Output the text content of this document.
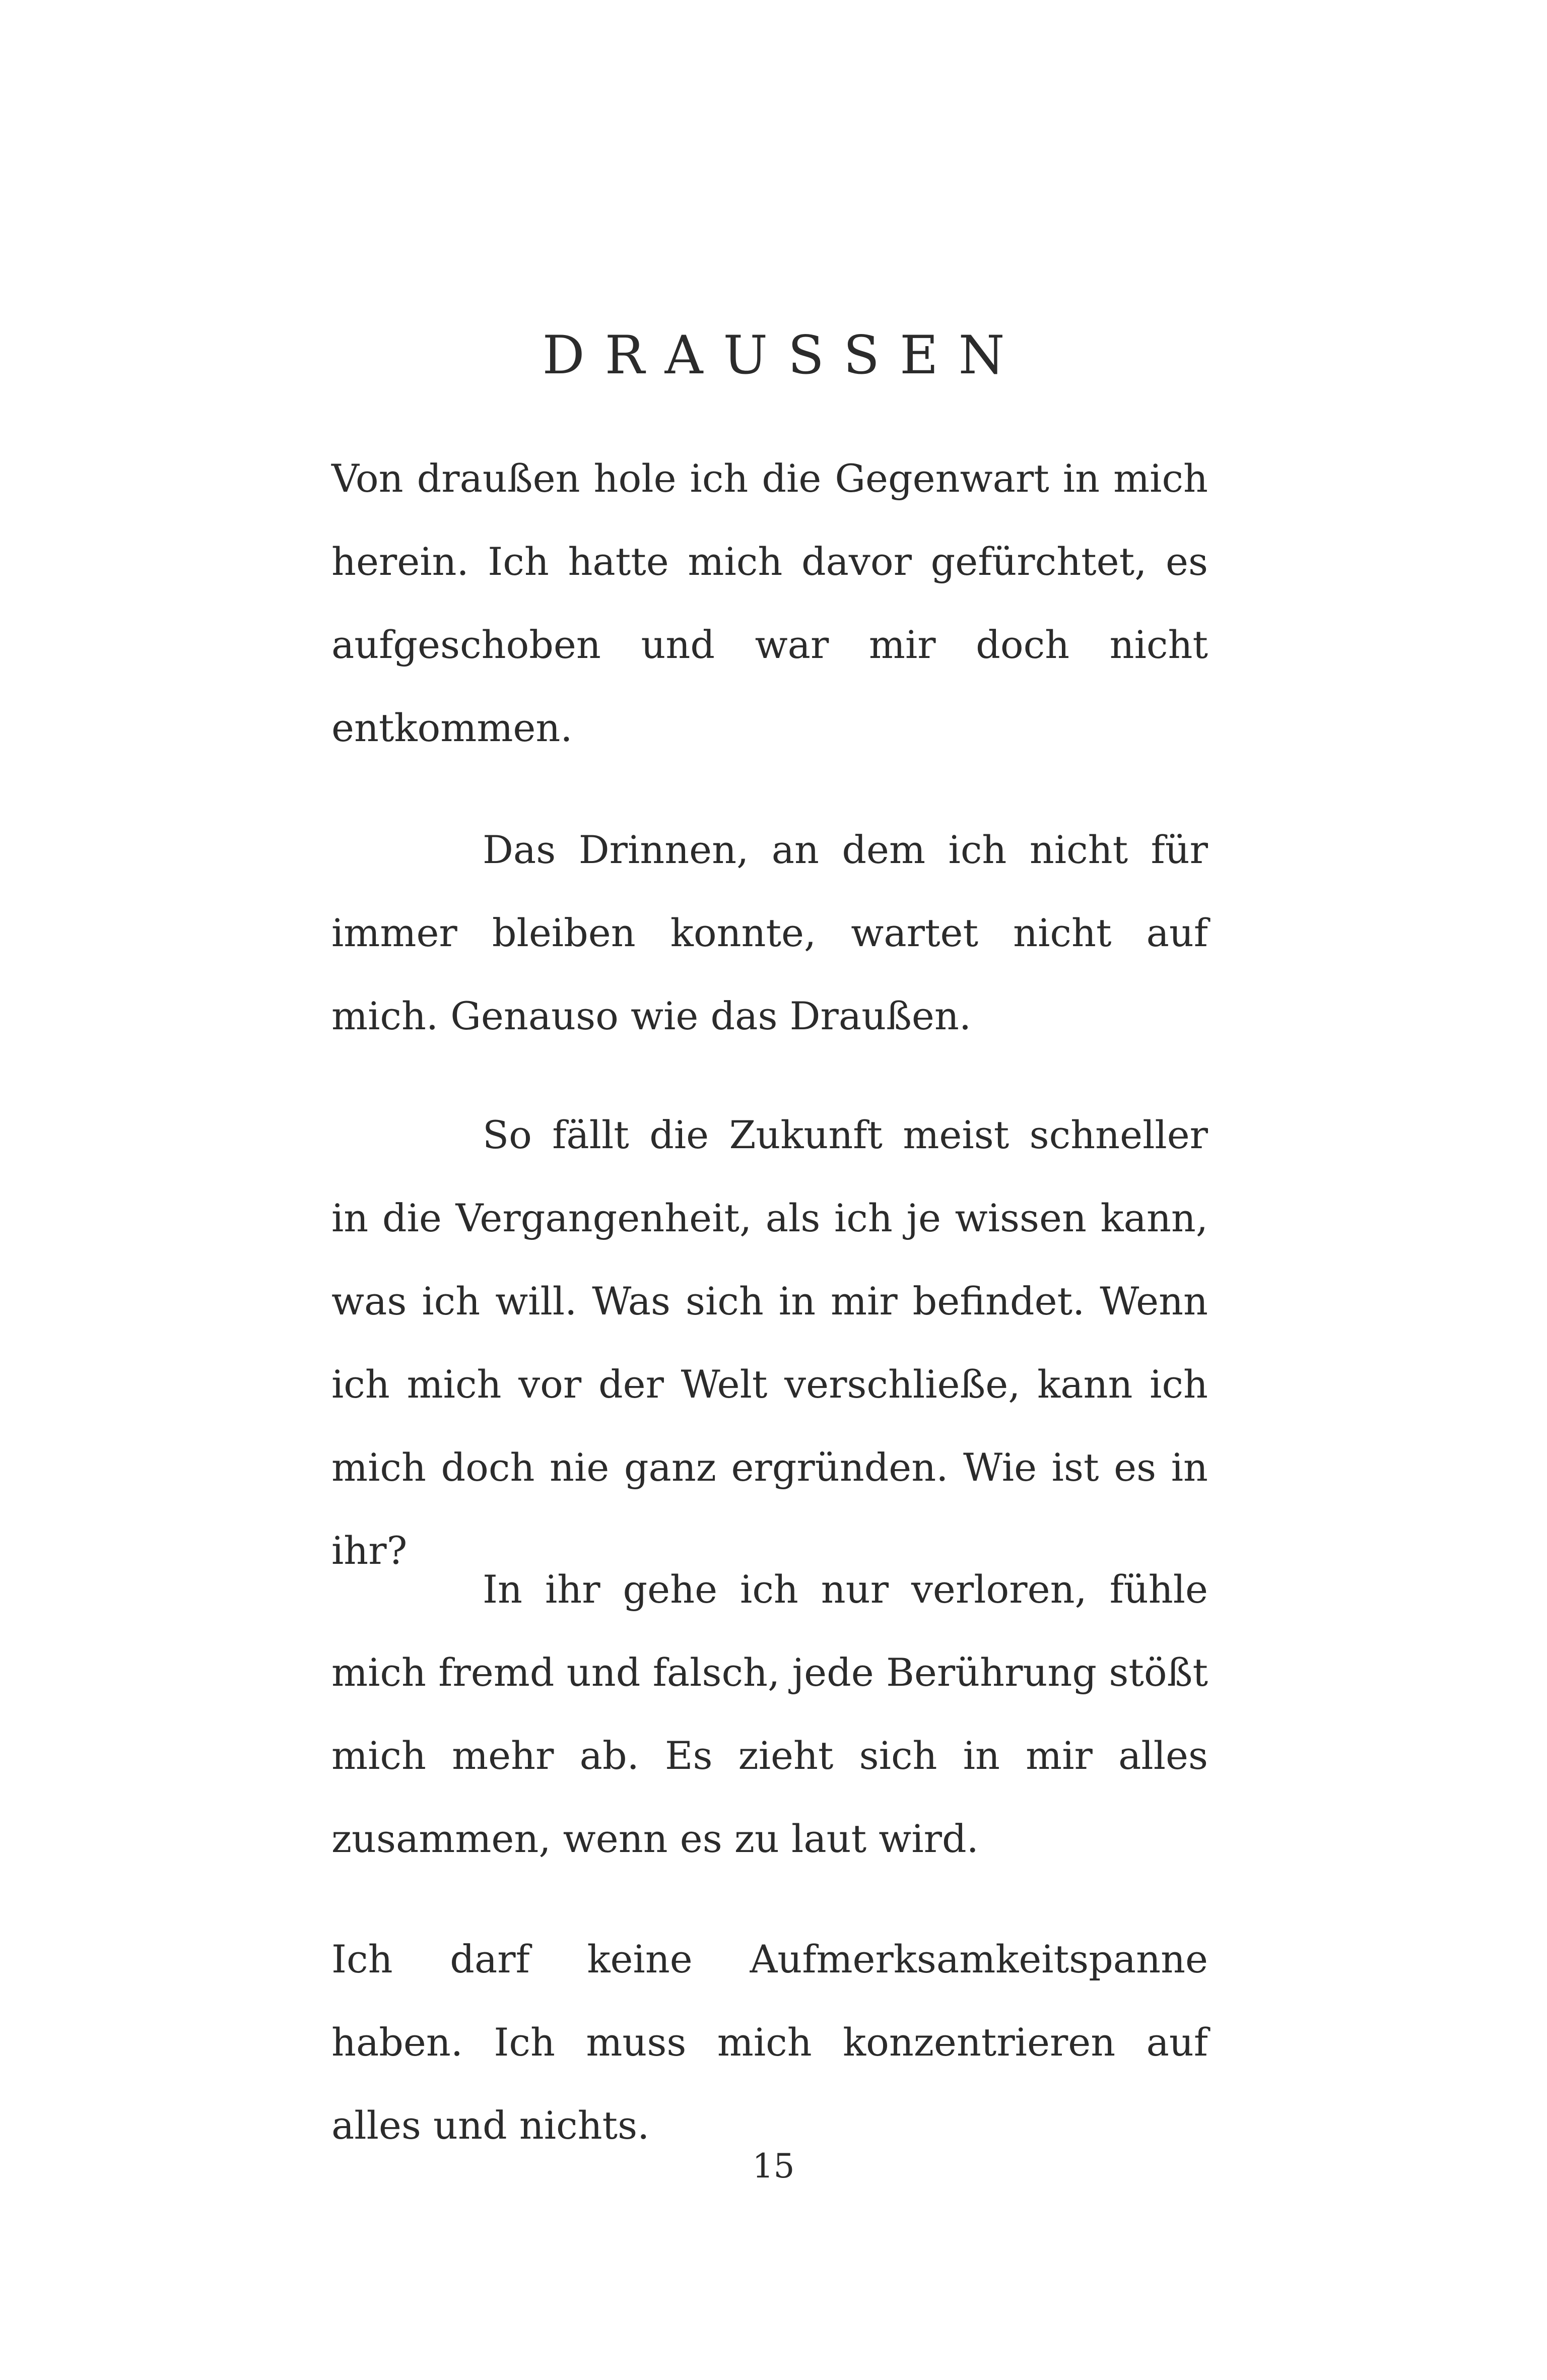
DRAUSSEN

Von draußen hole ich die Gegenwart in mich herein. Ich hatte mich davor gefürchtet, es aufgeschoben und war mir doch nicht entkommen.

Das Drinnen, an dem ich nicht für immer bleiben konnte, wartet nicht auf mich. Genauso wie das Draußen.

So fällt die Zukunft meist schneller in die Vergangenheit, als ich je wissen kann, was ich will. Was sich in mir befindet. Wenn ich mich vor der Welt verschließe, kann ich mich doch nie ganz ergründen. Wie ist es in ihr?

In ihr gehe ich nur verloren, fühle mich fremd und falsch, jede Berührung stößt mich mehr ab. Es zieht sich in mir alles zusammen, wenn es zu laut wird.

Ich darf keine Aufmerksamkeitspanne haben. Ich muss mich konzentrieren auf alles und nichts.

15
